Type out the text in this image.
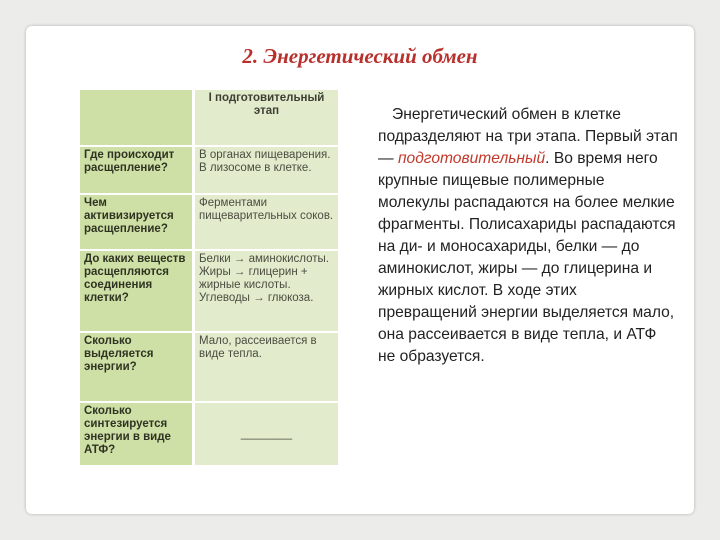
2. Энергетический обмен
	I подготовительный этап
Где происходит расщепление?	В органах пищеварения. В лизосоме в клетке.
Чем активизируется расщепление?	Ферментами пищеварительных соков.
До каких веществ расщепляются соединения клетки?	Белки → аминокислоты. Жиры → глицерин + жирные кислоты. Углеводы → глюкоза.
Сколько выделяется энергии?	Мало, рассеивается в виде тепла.
Сколько синтезируется энергии в виде АТФ?	________

Энергетический обмен в клетке подразделяют на три этапа. Первый этап — подготовительный. Во время него крупные пищевые полимерные молекулы распадаются на более мелкие фрагменты. Полисахариды распадаются на ди- и моносахариды, белки — до аминокислот, жиры — до глицерина и жирных кислот. В ходе этих превращений энергии выделяется мало, она рассеивается в виде тепла, и АТФ не образуется.
